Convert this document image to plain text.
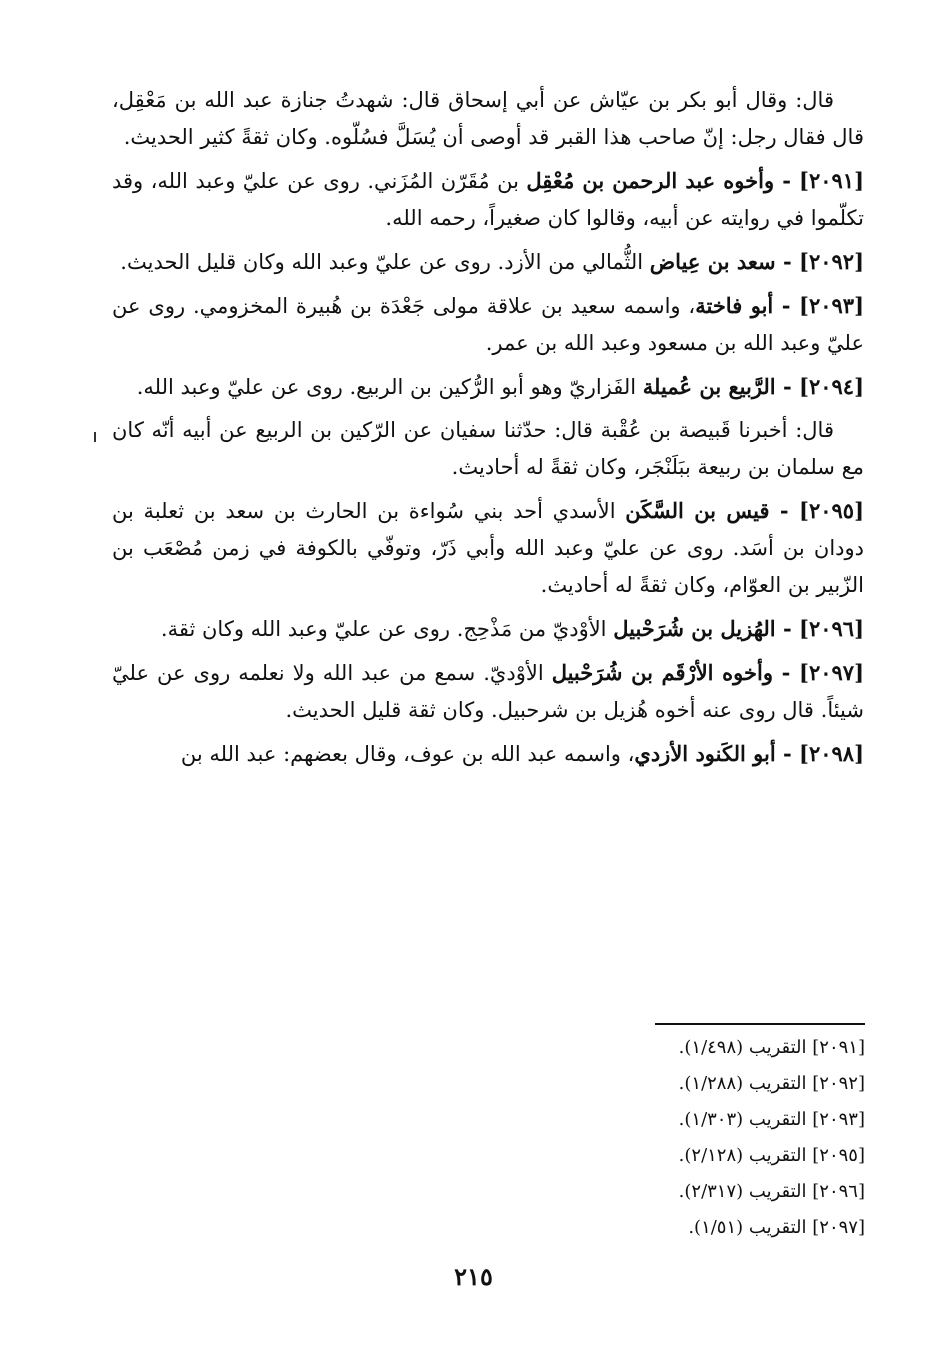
قال: وقال أبو بكر بن عيّاش عن أبي إسحاق قال: شهدتُ جنازة عبد الله بن مَعْقِل، قال فقال رجل: إنّ صاحب هذا القبر قد أوصى أن يُسَلَّ فسُلّوه. وكان ثقةً كثير الحديث.

[٢٠٩١] - وأخوه عبد الرحمن بن مُعْقِل بن مُقَرّن المُزَني. روى عن عليّ وعبد الله، وقد تكلّموا في روايته عن أبيه، وقالوا كان صغيراً، رحمه الله.

[٢٠٩٢] - سعد بن عِياض الثُّمالي من الأزد. روى عن عليّ وعبد الله وكان قليل الحديث.

[٢٠٩٣] - أبو فاختة، واسمه سعيد بن علاقة مولى جَعْدَة بن هُبيرة المخزومي. روى عن عليّ وعبد الله بن مسعود وعبد الله بن عمر.

[٢٠٩٤] - الرَّبيع بن عُميلة الفَزاريّ وهو أبو الرُّكين بن الربيع. روى عن عليّ وعبد الله.

قال: أخبرنا قَبيصة بن عُقْبة قال: حدّثنا سفيان عن الرّكين بن الربيع عن أبيه أنّه كان مع سلمان بن ربيعة ببَلَنْجَر، وكان ثقةً له أحاديث.

[٢٠٩٥] - قيس بن السَّكَن الأسدي أحد بني سُواءة بن الحارث بن سعد بن ثعلبة بن دودان بن أسَد. روى عن عليّ وعبد الله وأبي ذَرّ، وتوفّي بالكوفة في زمن مُصْعَب بن الزّبير بن العوّام، وكان ثقةً له أحاديث.

[٢٠٩٦] - الهُزيل بن شُرَحْبيل الأوْديّ من مَذْحِج. روى عن عليّ وعبد الله وكان ثقة.

[٢٠٩٧] - وأخوه الأرْقَم بن شُرَحْبيل الأوْديّ. سمع من عبد الله ولا نعلمه روى عن عليّ شيئاً. قال روى عنه أخوه هُزيل بن شرحبيل. وكان ثقة قليل الحديث.

[٢٠٩٨] - أبو الكَنود الأزدي، واسمه عبد الله بن عوف، وقال بعضهم: عبد الله بن

[٢٠٩١] التقريب (١/٤٩٨).
[٢٠٩٢] التقريب (١/٢٨٨).
[٢٠٩٣] التقريب (١/٣٠٣).
[٢٠٩٥] التقريب (٢/١٢٨).
[٢٠٩٦] التقريب (٢/٣١٧).
[٢٠٩٧] التقريب (١/٥١).
٢١٥
